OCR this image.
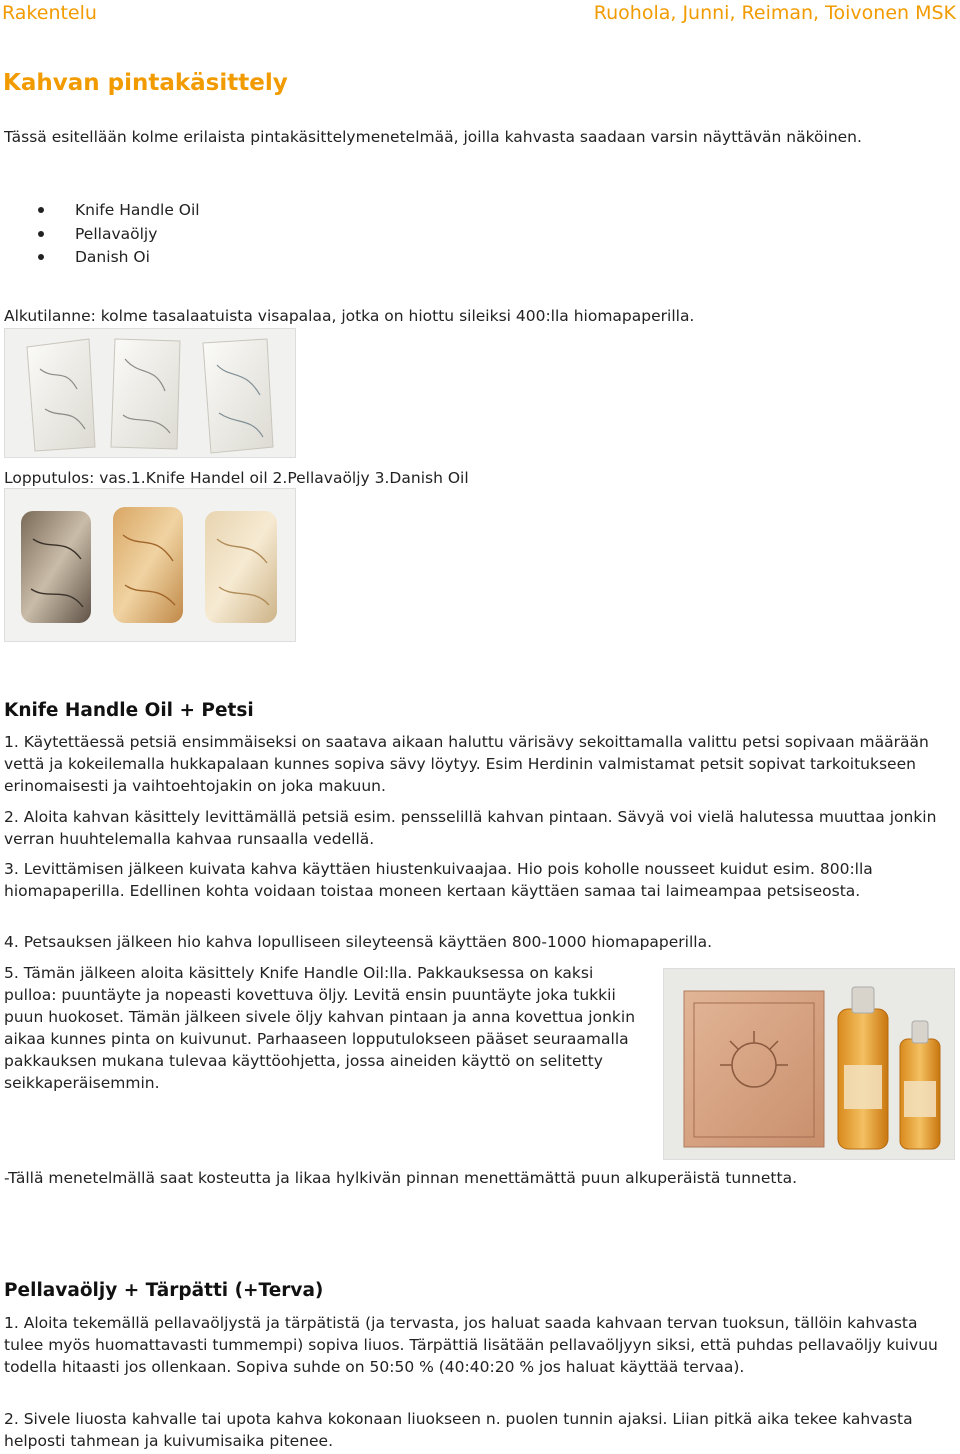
Rakentelu	Ruohola, Junni, Reiman, Toivonen MSK
Kahvan pintakäsittely

Tässä esitellään kolme erilaista pintakäsittelymenetelmää, joilla kahvasta saadaan varsin näyttävän näköinen.

Knife Handle Oil
Pellavaöljy
Danish Oi

Alkutilanne: kolme tasalaatuista visapalaa, jotka on hiottu sileiksi 400:lla hiomapaperilla.

Lopputulos: vas.1.Knife Handel oil 2.Pellavaöljy 3.Danish Oil

Knife Handle Oil + Petsi

1. Käytettäessä petsiä ensimmäiseksi on saatava aikaan haluttu värisävy sekoittamalla valittu petsi sopivaan määrään vettä ja kokeilemalla hukkapalaan kunnes sopiva sävy löytyy. Esim Herdinin valmistamat petsit sopivat tarkoitukseen erinomaisesti ja vaihtoehtojakin on joka makuun.

2. Aloita kahvan käsittely levittämällä petsiä esim. pensselillä kahvan pintaan. Sävyä voi vielä halutessa muuttaa jonkin verran huuhtelemalla kahvaa runsaalla vedellä.

3. Levittämisen jälkeen kuivata kahva käyttäen hiustenkuivaajaa. Hio pois koholle nousseet kuidut esim. 800:lla hiomapaperilla. Edellinen kohta voidaan toistaa moneen kertaan käyttäen samaa tai laimeampaa petsiseosta.

4. Petsauksen jälkeen hio kahva lopulliseen sileyteensä käyttäen 800-1000 hiomapaperilla.

5. Tämän jälkeen aloita käsittely Knife Handle Oil:lla. Pakkauksessa on kaksi pulloa: puuntäyte ja nopeasti kovettuva öljy. Levitä ensin puuntäyte joka tukkii puun huokoset. Tämän jälkeen sivele öljy kahvan pintaan ja anna kovettua jonkin aikaa kunnes pinta on kuivunut. Parhaaseen lopputulokseen pääset seuraamalla pakkauksen mukana tulevaa käyttöohjetta, jossa aineiden käyttö on selitetty seikkaperäisemmin.

-Tällä menetelmällä saat kosteutta ja likaa hylkivän pinnan menettämättä puun alkuperäistä tunnetta.

Pellavaöljy + Tärpätti (+Terva)

1. Aloita tekemällä pellavaöljystä ja tärpätistä (ja tervasta, jos haluat saada kahvaan tervan tuoksun, tällöin kahvasta tulee myös huomattavasti tummempi) sopiva liuos. Tärpättiä lisätään pellavaöljyyn siksi, että puhdas pellavaöljy kuivuu todella hitaasti jos ollenkaan. Sopiva suhde on 50:50 % (40:40:20 % jos haluat käyttää tervaa).

2. Sivele liuosta kahvalle tai upota kahva kokonaan liuokseen n. puolen tunnin ajaksi. Liian pitkä aika tekee kahvasta helposti tahmean ja kuivumisaika pitenee.
